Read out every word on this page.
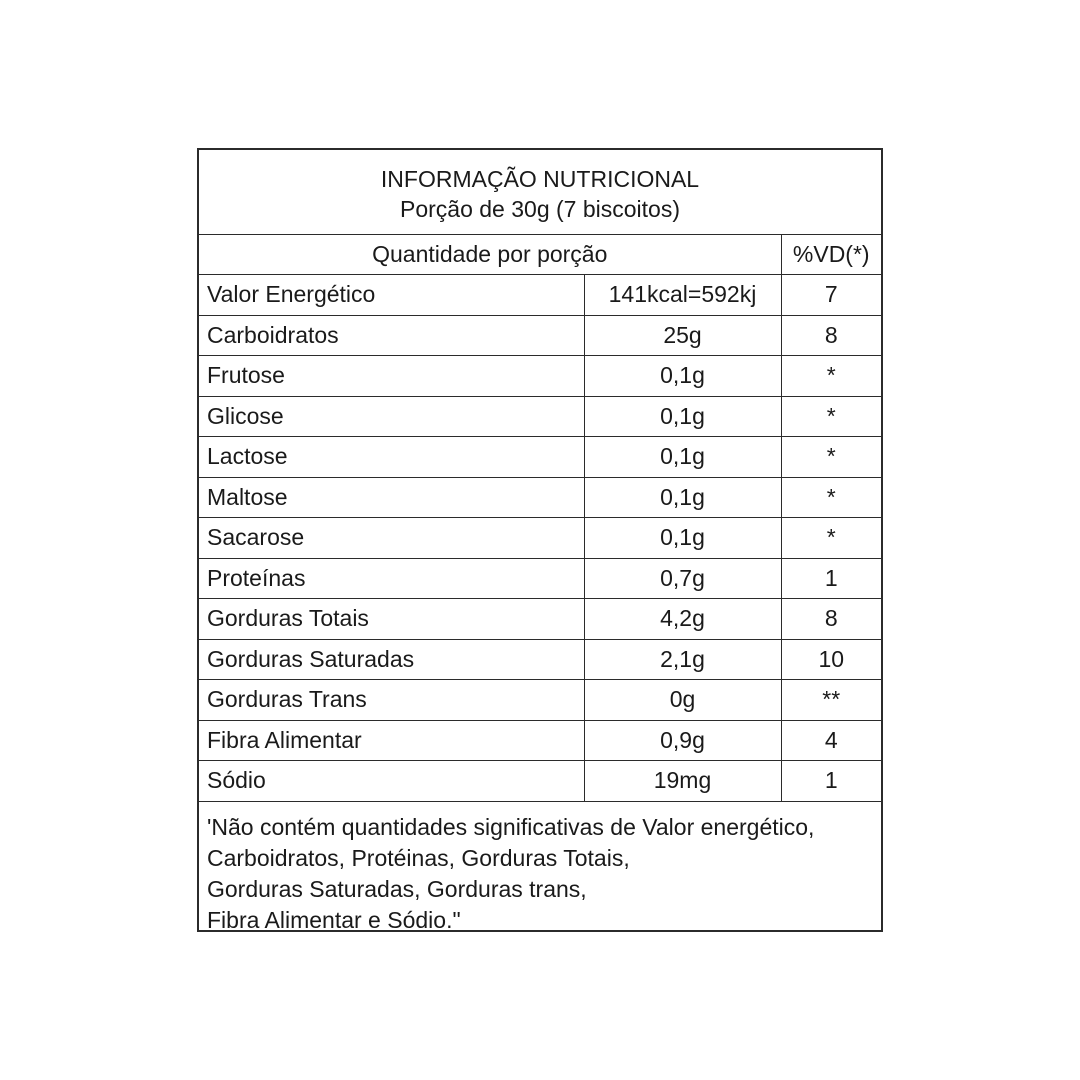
INFORMAÇÃO NUTRICIONAL
Porção de 30g (7 biscoitos)		

Quantidade por porção		%VD(*)
Valor Energético	141kcal=592kj	7
Carboidratos	25g	8
Frutose	0,1g	*
Glicose	0,1g	*
Lactose	0,1g	*
Maltose	0,1g	*
Sacarose	0,1g	*
Proteínas	0,7g	1
Gorduras Totais	4,2g	8
Gorduras Saturadas	2,1g	10
Gorduras Trans	0g	**
Fibra Alimentar	0,9g	4
Sódio	19mg	1

'Não contém quantidades significativas de Valor energético,
Carboidratos, Protéinas, Gorduras Totais,
Gorduras Saturadas, Gorduras trans,
Fibra Alimentar e Sódio."		
